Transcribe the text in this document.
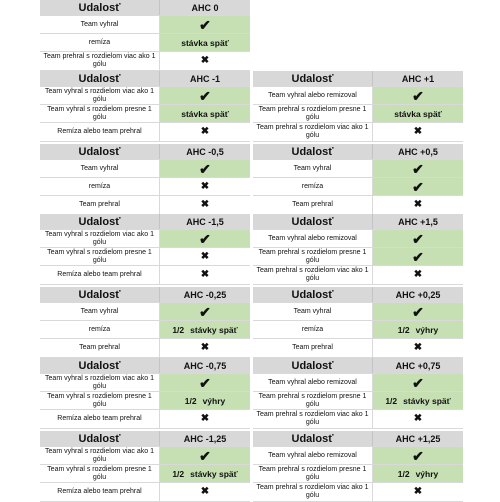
Udalosť	AHC 0
Team vyhral	✔
remíza	stávka späť
Team prehral s rozdielom viac ako 1 gólu	✖
Udalosť	AHC -1
Team vyhral s rozdielom viac ako 1 gólu	✔
Team vyhral s rozdielom presne 1 gólu	stávka späť
Remíza alebo team prehral	✖
Udalosť	AHC -0,5
Team vyhral	✔
remíza	✖
Team prehral	✖
Udalosť	AHC -1,5
Team vyhral s rozdielom viac ako 1 gólu	✔
Team vyhral s rozdielom presne 1 gólu	✖
Remíza alebo team prehral	✖
Udalosť	AHC -0,25
Team vyhral	✔
remíza	1/2 stávky späť
Team prehral	✖
Udalosť	AHC -0,75
Team vyhral s rozdielom viac ako 1 gólu	✔
Team vyhral s rozdielom presne 1 gólu	1/2 výhry
Remíza alebo team prehral	✖
Udalosť	AHC -1,25
Team vyhral s rozdielom viac ako 1 gólu	✔
Team vyhral s rozdielom presne 1 gólu	1/2 stávky späť
Remíza alebo team prehral	✖
Udalosť	AHC +1
Team vyhral alebo remizoval	✔
Team prehral s rozdielom presne 1 gólu	stávka späť
Team prehral s rozdielom viac ako 1 gólu	✖
Udalosť	AHC +0,5
Team vyhral	✔
remíza	✔
Team prehral	✖
Udalosť	AHC +1,5
Team vyhral alebo remizoval	✔
Team prehral s rozdielom presne 1 gólu	✔
Team prehral s rozdielom viac ako 1 gólu	✖
Udalosť	AHC +0,25
Team vyhral	✔
remíza	1/2 výhry
Team prehral	✖
Udalosť	AHC +0,75
Team vyhral alebo remizoval	✔
Team prehral s rozdielom presne 1 gólu	1/2 stávky späť
Team prehral s rozdielom viac ako 1 gólu	✖
Udalosť	AHC +1,25
Team vyhral alebo remizoval	✔
Team prehral s rozdielom presne 1 gólu	1/2 výhry
Team prehral s rozdielom viac ako 1 gólu	✖
